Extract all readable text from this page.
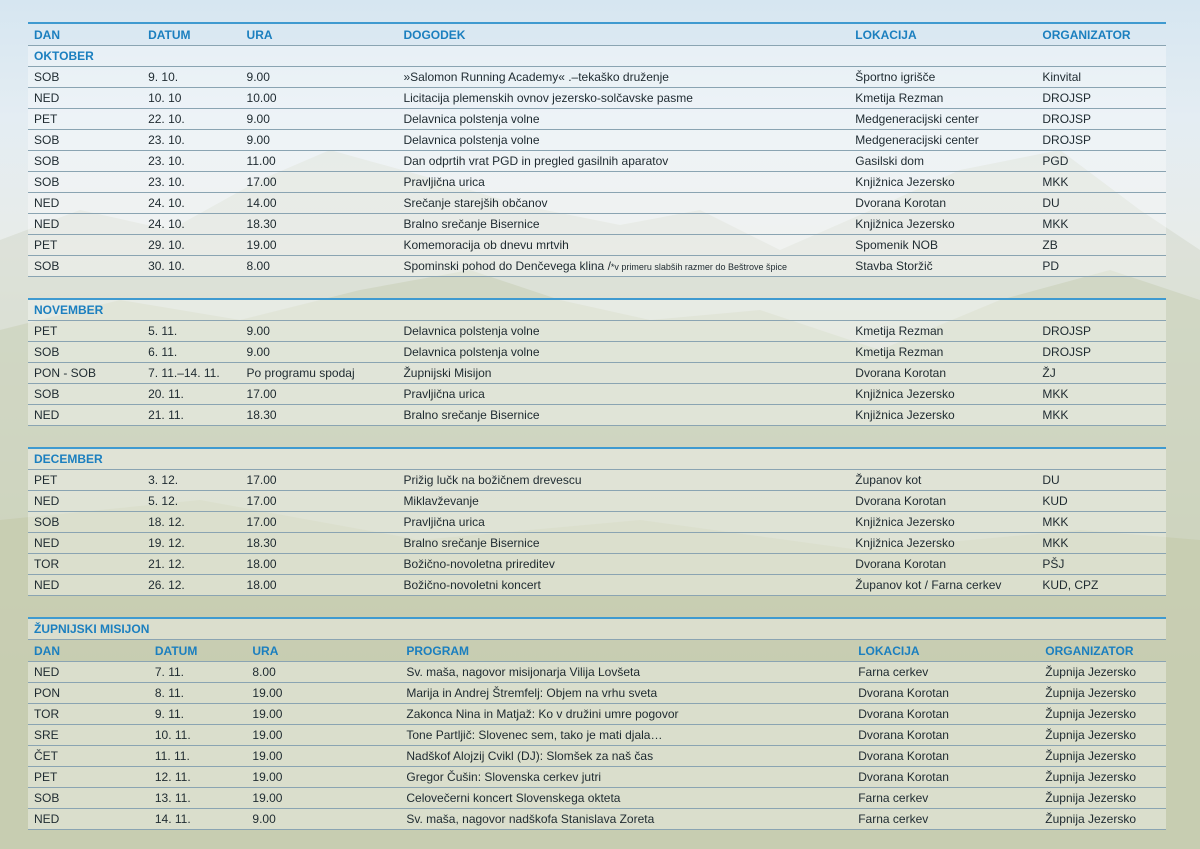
DAN	DATUM	URA	DOGODEK	LOKACIJA	ORGANIZATOR
OKTOBER
SOB	9. 10.	9.00	»Salomon Running Academy« .–tekaško druženje	Športno igrišče	Kinvital
NED	10. 10	10.00	Licitacija plemenskih ovnov jezersko-solčavske pasme	Kmetija Rezman	DROJSP
PET	22. 10.	9.00	Delavnica polstenja volne	Medgeneracijski center	DROJSP
SOB	23. 10.	9.00	Delavnica polstenja volne	Medgeneracijski center	DROJSP
SOB	23. 10.	11.00	Dan odprtih vrat PGD in pregled gasilnih aparatov	Gasilski dom	PGD
SOB	23. 10.	17.00	Pravljična urica	Knjižnica Jezersko	MKK
NED	24. 10.	14.00	Srečanje starejših občanov	Dvorana Korotan	DU
NED	24. 10.	18.30	Bralno srečanje Bisernice	Knjižnica Jezersko	MKK
PET	29. 10.	19.00	Komemoracija ob dnevu mrtvih	Spomenik NOB	ZB
SOB	30. 10.	8.00	Spominski pohod do Denčevega klina /*v primeru slabših razmer do Beštrove špice	Stavba Storžič	PD
NOVEMBER
PET	5. 11.	9.00	Delavnica polstenja volne	Kmetija Rezman	DROJSP
SOB	6. 11.	9.00	Delavnica polstenja volne	Kmetija Rezman	DROJSP
PON - SOB	7. 11.–14. 11.	Po programu spodaj	Župnijski Misijon	Dvorana Korotan	ŽJ
SOB	20. 11.	17.00	Pravljična urica	Knjižnica Jezersko	MKK
NED	21. 11.	18.30	Bralno srečanje Bisernice	Knjižnica Jezersko	MKK
DECEMBER
PET	3. 12.	17.00	Prižig lučk na božičnem drevescu	Županov kot	DU
NED	5. 12.	17.00	Miklavževanje	Dvorana Korotan	KUD
SOB	18. 12.	17.00	Pravljična urica	Knjižnica Jezersko	MKK
NED	19. 12.	18.30	Bralno srečanje Bisernice	Knjižnica Jezersko	MKK
TOR	21. 12.	18.00	Božično-novoletna prireditev	Dvorana Korotan	PŠJ
NED	26. 12.	18.00	Božično-novoletni koncert	Županov kot / Farna cerkev	KUD, CPZ
ŽUPNIJSKI MISIJON
DAN	DATUM	URA	PROGRAM	LOKACIJA	ORGANIZATOR
NED	7. 11.	8.00	Sv. maša, nagovor misijonarja Vilija Lovšeta	Farna cerkev	Župnija Jezersko
PON	8. 11.	19.00	Marija in Andrej Štremfelj: Objem na vrhu sveta	Dvorana Korotan	Župnija Jezersko
TOR	9. 11.	19.00	Zakonca Nina in Matjaž: Ko v družini umre pogovor	Dvorana Korotan	Župnija Jezersko
SRE	10. 11.	19.00	Tone Partljič: Slovenec sem, tako je mati djala…	Dvorana Korotan	Župnija Jezersko
ČET	11. 11.	19.00	Nadškof Alojzij Cvikl (DJ): Slomšek za naš čas	Dvorana Korotan	Župnija Jezersko
PET	12. 11.	19.00	Gregor Čušin: Slovenska cerkev jutri	Dvorana Korotan	Župnija Jezersko
SOB	13. 11.	19.00	Celovečerni koncert Slovenskega okteta	Farna cerkev	Župnija Jezersko
NED	14. 11.	9.00	Sv. maša, nagovor nadškofa Stanislava Zoreta	Farna cerkev	Župnija Jezersko
